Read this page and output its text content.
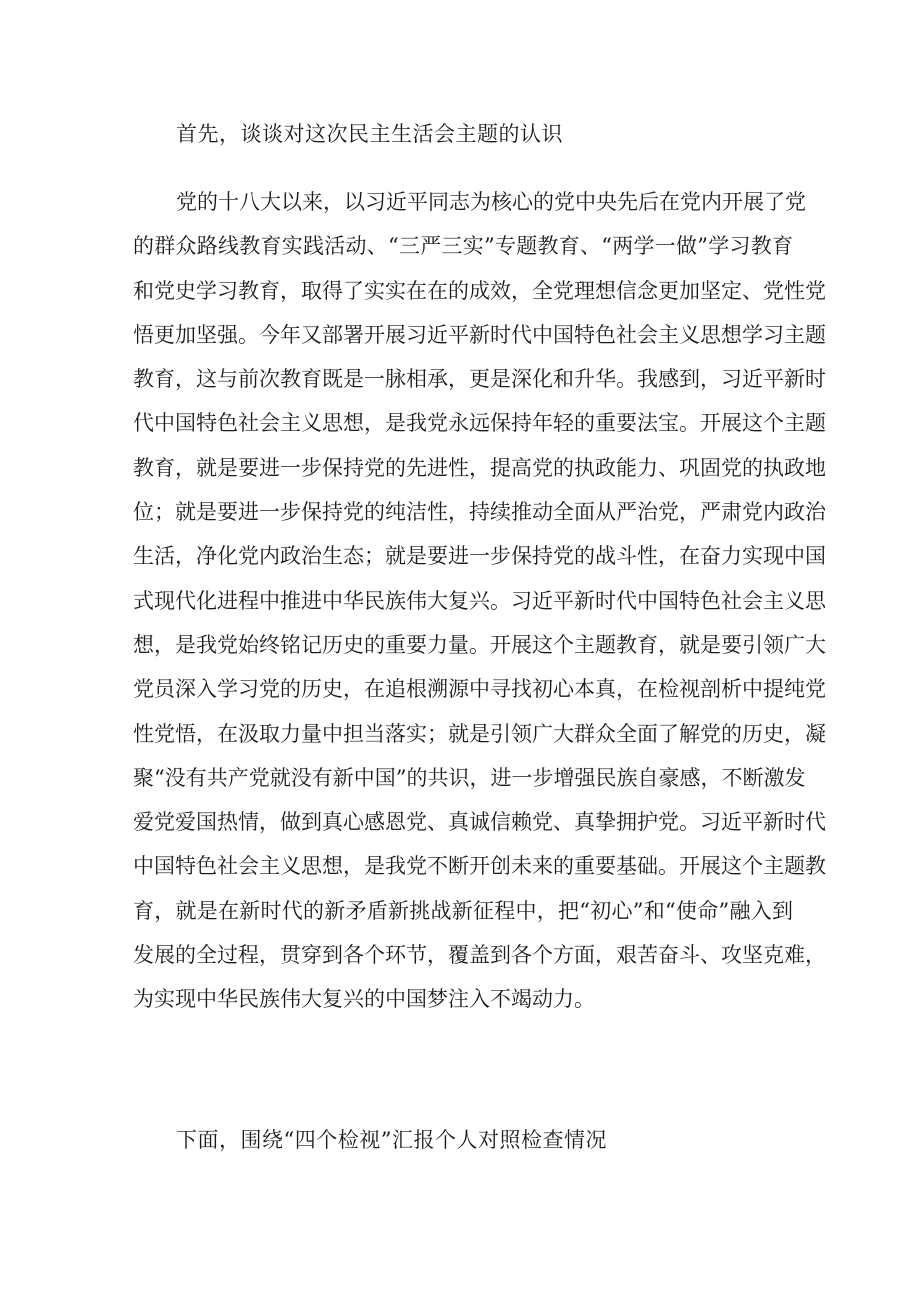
首先，谈谈对这次民主生活会主题的认识
党的十八大以来，以习近平同志为核心的党中央先后在党内开展了党
的群众路线教育实践活动、“三严三实”专题教育、“两学一做”学习教育
和党史学习教育，取得了实实在在的成效，全党理想信念更加坚定、党性党
悟更加坚强。今年又部署开展习近平新时代中国特色社会主义思想学习主题
教育，这与前次教育既是一脉相承，更是深化和升华。我感到，习近平新时
代中国特色社会主义思想，是我党永远保持年轻的重要法宝。开展这个主题
教育，就是要进一步保持党的先进性，提高党的执政能力、巩固党的执政地
位；就是要进一步保持党的纯洁性，持续推动全面从严治党，严肃党内政治
生活，净化党内政治生态；就是要进一步保持党的战斗性，在奋力实现中国
式现代化进程中推进中华民族伟大复兴。习近平新时代中国特色社会主义思
想，是我党始终铭记历史的重要力量。开展这个主题教育，就是要引领广大
党员深入学习党的历史，在追根溯源中寻找初心本真，在检视剖析中提纯党
性党悟，在汲取力量中担当落实；就是引领广大群众全面了解党的历史，凝
聚“没有共产党就没有新中国”的共识，进一步增强民族自豪感，不断激发
爱党爱国热情，做到真心感恩党、真诚信赖党、真挚拥护党。习近平新时代
中国特色社会主义思想，是我党不断开创未来的重要基础。开展这个主题教
育，就是在新时代的新矛盾新挑战新征程中，把“初心”和“使命”融入到
发展的全过程，贯穿到各个环节，覆盖到各个方面，艰苦奋斗、攻坚克难，
为实现中华民族伟大复兴的中国梦注入不竭动力。
下面，围绕“四个检视”汇报个人对照检查情况
